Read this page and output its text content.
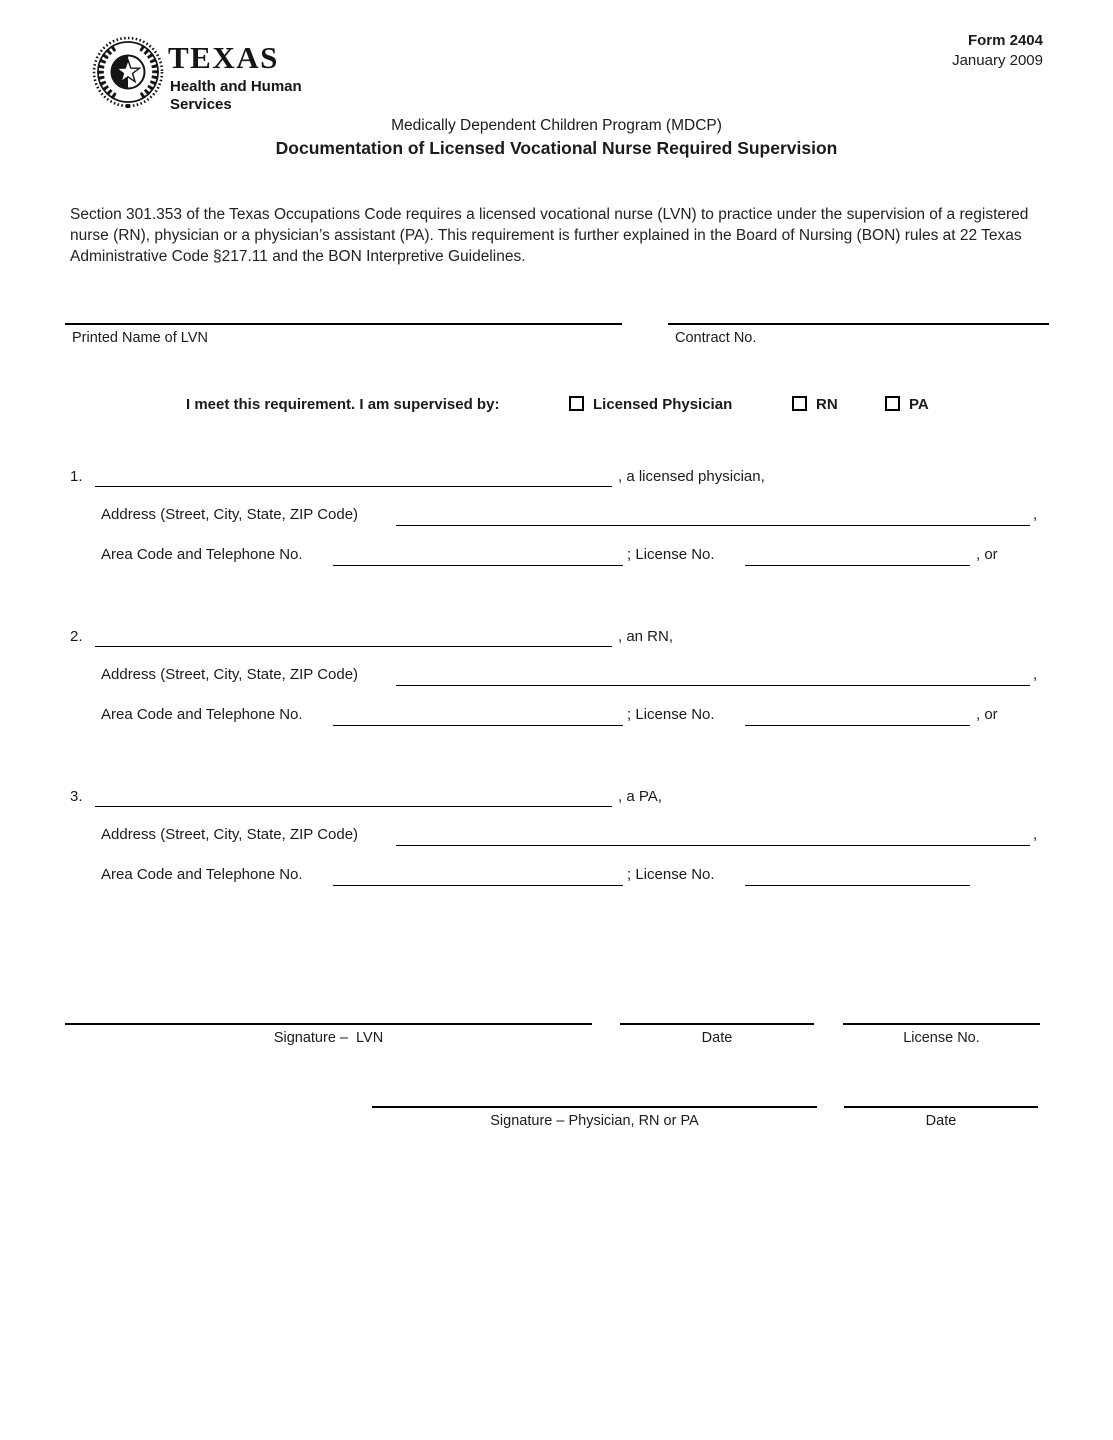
TEXAS
Health and Human
Services
Form 2404
January 2009
Medically Dependent Children Program (MDCP)
Documentation of Licensed Vocational Nurse Required Supervision
Section 301.353 of the Texas Occupations Code requires a licensed vocational nurse (LVN) to practice under the supervision of a registered nurse (RN), physician or a physician’s assistant (PA). This requirement is further explained in the Board of Nursing (BON) rules at 22 Texas Administrative Code §217.11 and the BON Interpretive Guidelines.
Printed Name of LVN	Contract No.
I meet this requirement. I am supervised by:	Licensed Physician	RN	PA
1.	, a licensed physician,
Address (Street, City, State, ZIP Code)	,
Area Code and Telephone No.	; License No.	, or
2.	, an RN,
Address (Street, City, State, ZIP Code)	,
Area Code and Telephone No.	; License No.	, or
3.	, a PA,
Address (Street, City, State, ZIP Code)	,
Area Code and Telephone No.	; License No.
Signature –  LVN	Date	License No.
Signature – Physician, RN or PA	Date
